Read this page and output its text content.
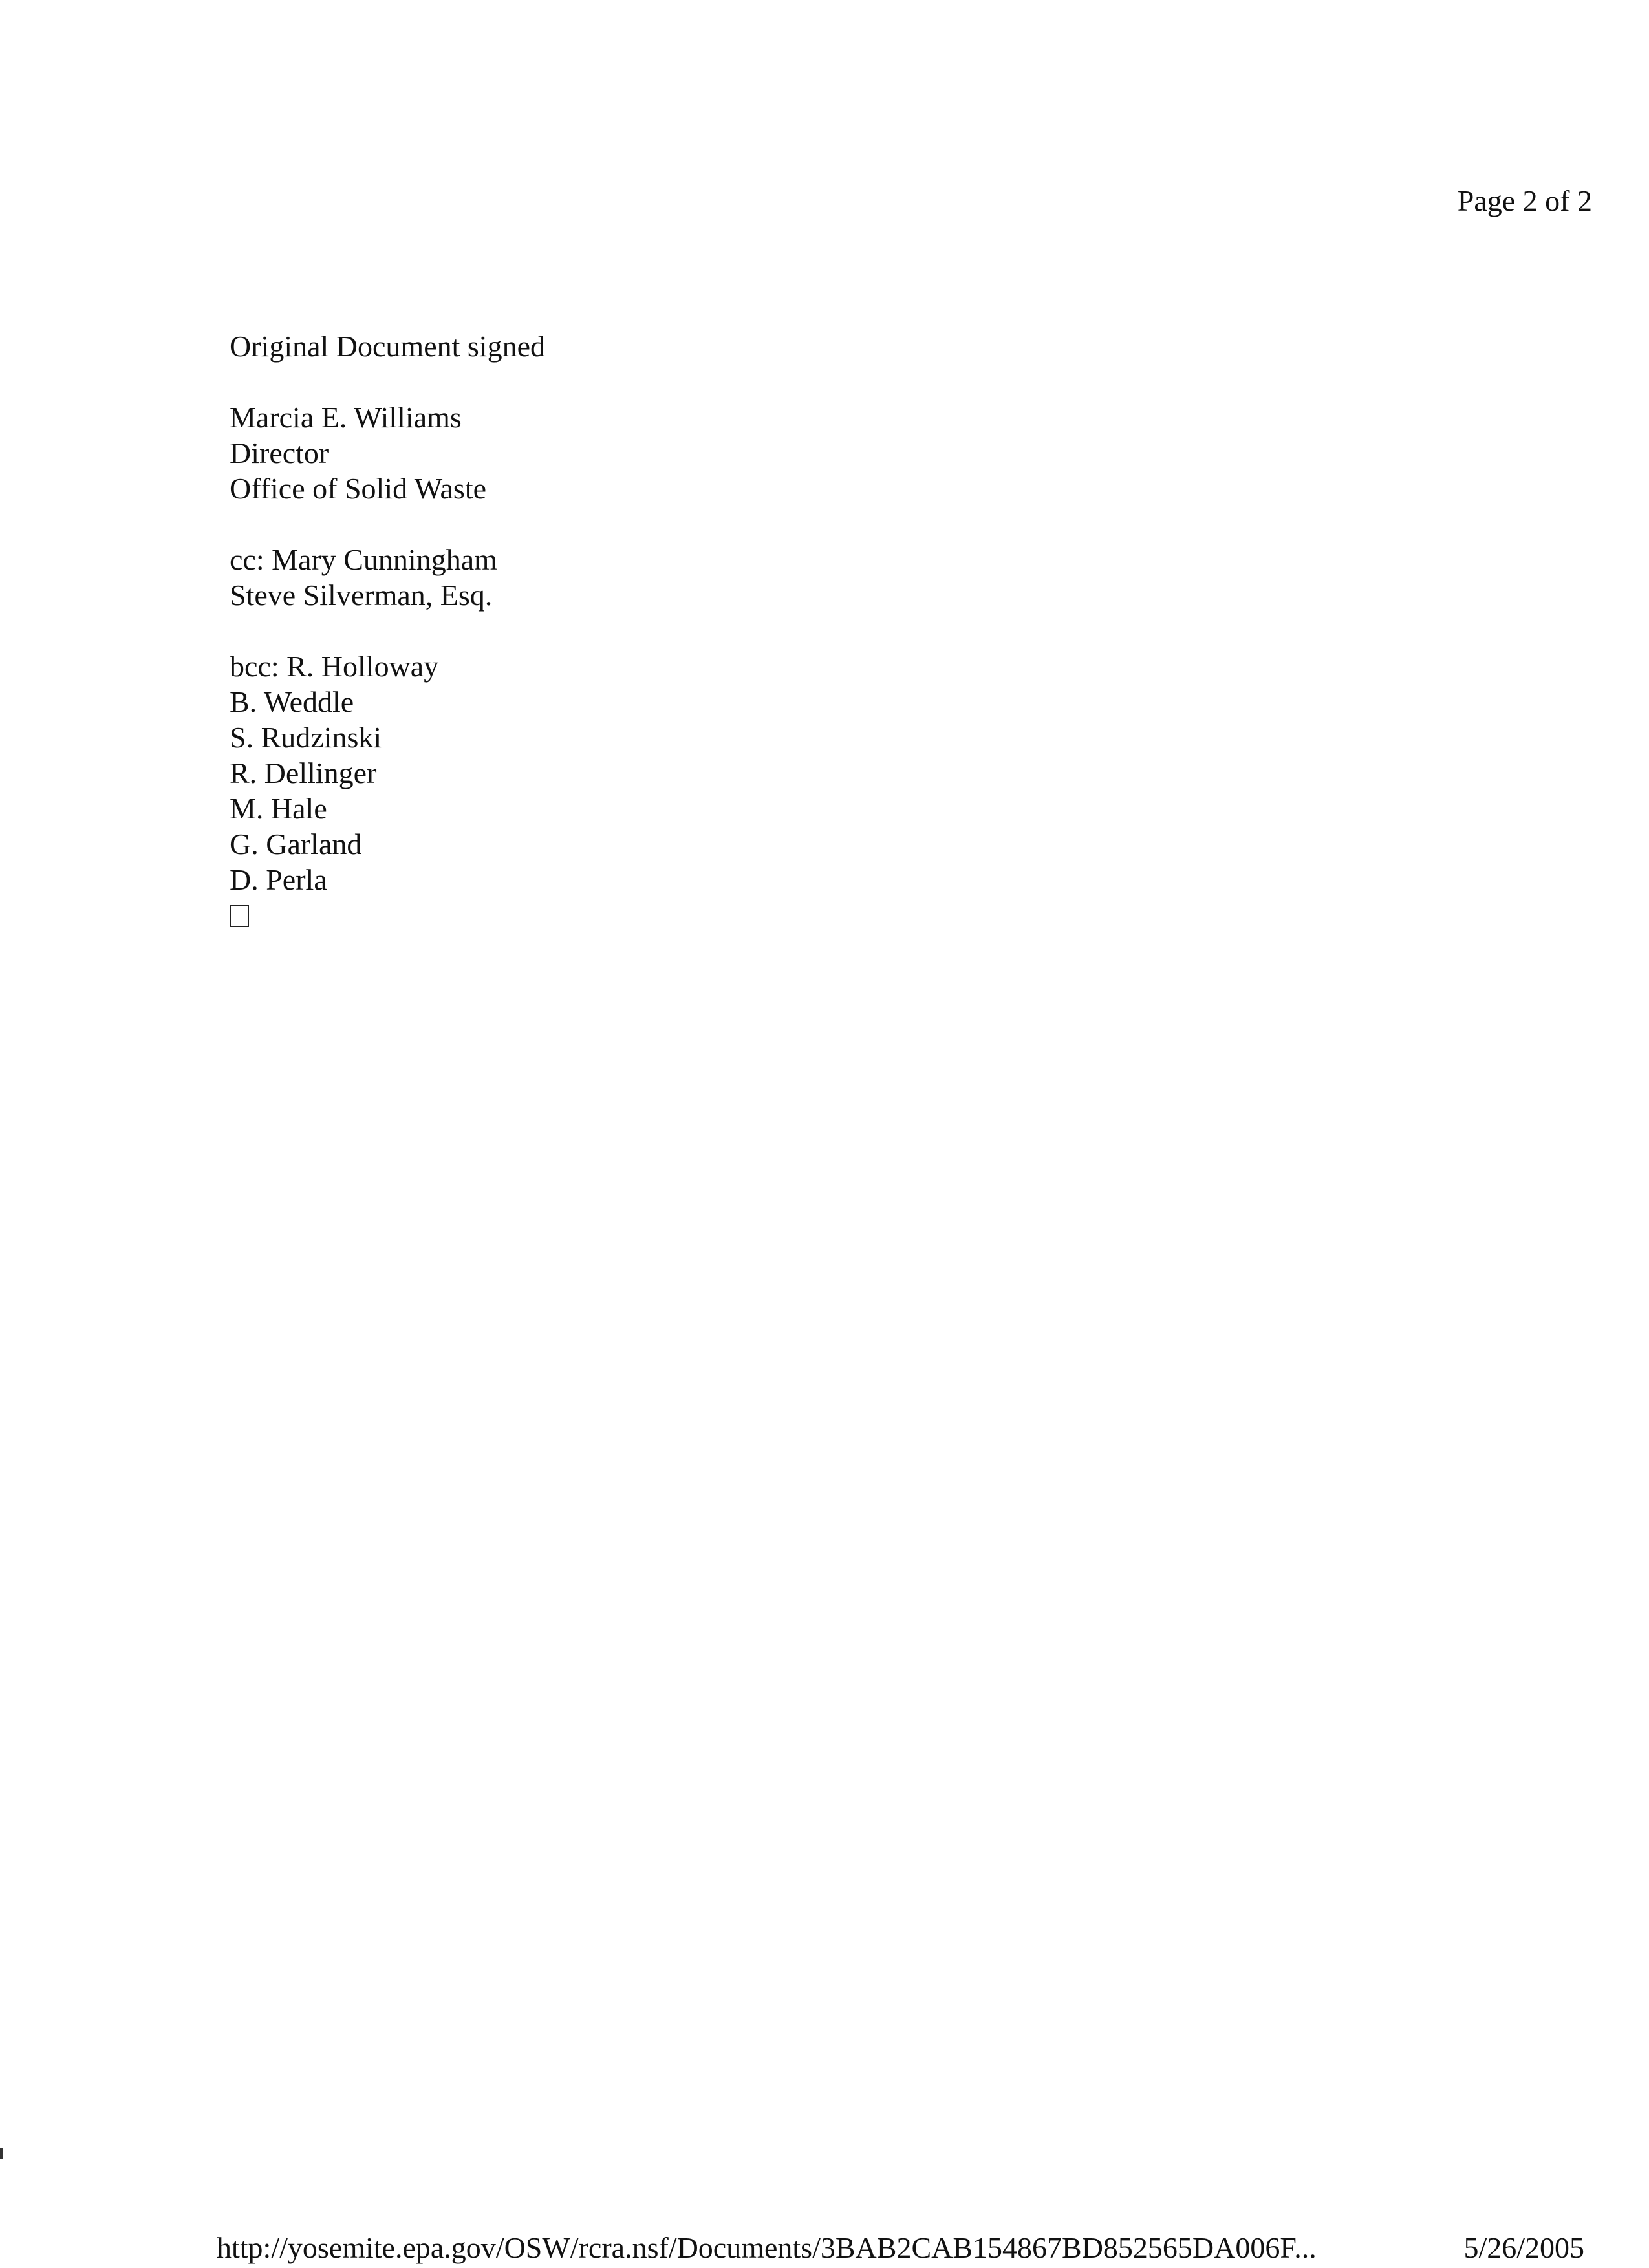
Page 2 of 2
Original Document signed
Marcia E. Williams
Director
Office of Solid Waste
cc: Mary Cunningham
Steve Silverman, Esq.
bcc: R. Holloway
B. Weddle
S. Rudzinski
R. Dellinger
M. Hale
G. Garland
D. Perla
http://yosemite.epa.gov/OSW/rcra.nsf/Documents/3BAB2CAB154867BD852565DA006F...	5/26/2005
